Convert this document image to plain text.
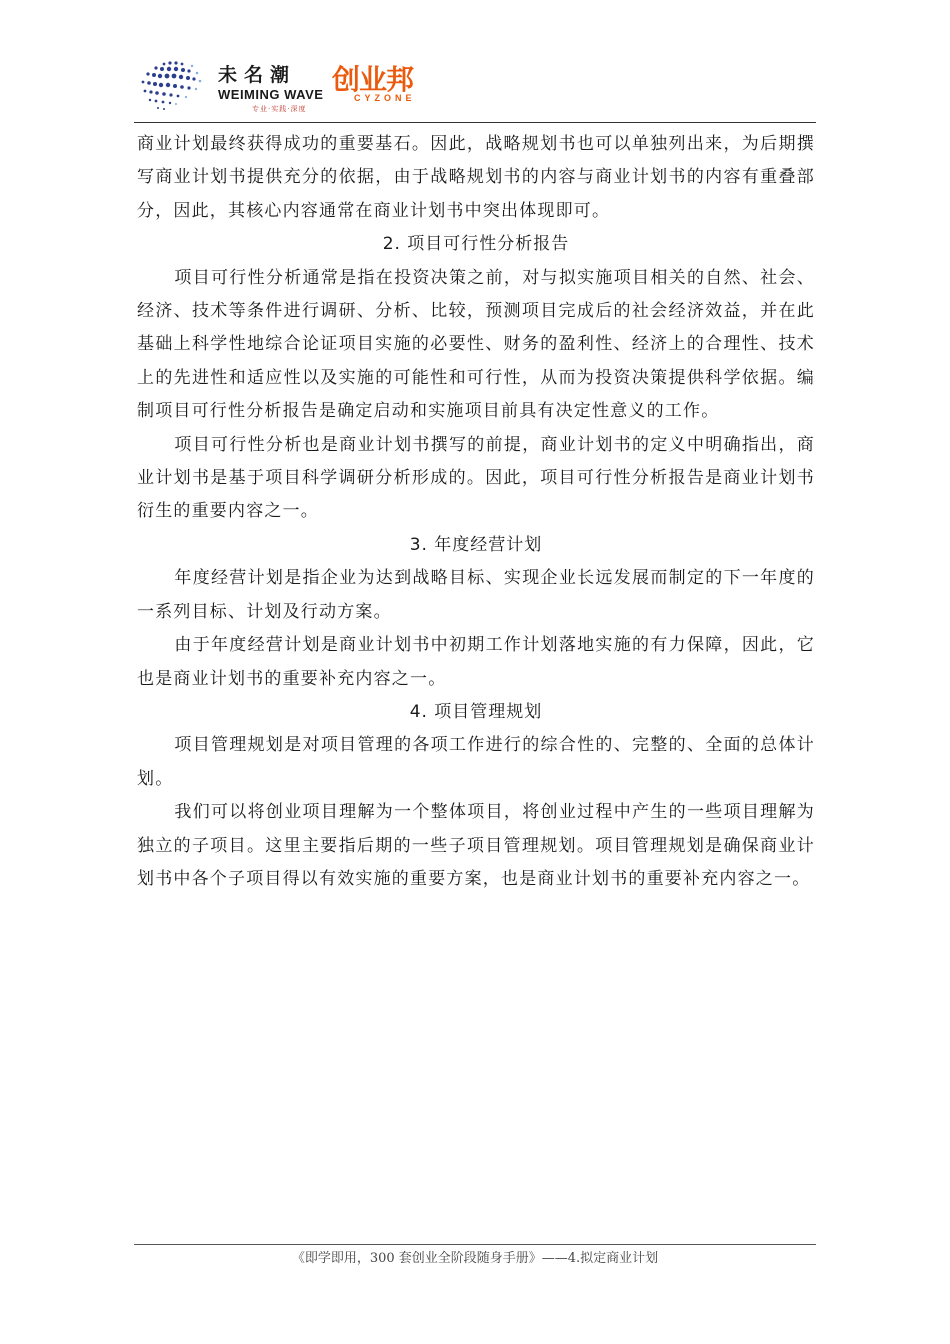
未名潮
WEIMING WAVE
专业·实践·深度
创业邦
CYZONE

商业计划最终获得成功的重要基石。因此，战略规划书也可以单独列出来，为后期撰写商业计划书提供充分的依据，由于战略规划书的内容与商业计划书的内容有重叠部分，因此，其核心内容通常在商业计划书中突出体现即可。

2. 项目可行性分析报告

项目可行性分析通常是指在投资决策之前，对与拟实施项目相关的自然、社会、经济、技术等条件进行调研、分析、比较，预测项目完成后的社会经济效益，并在此基础上科学性地综合论证项目实施的必要性、财务的盈利性、经济上的合理性、技术上的先进性和适应性以及实施的可能性和可行性，从而为投资决策提供科学依据。编制项目可行性分析报告是确定启动和实施项目前具有决定性意义的工作。

项目可行性分析也是商业计划书撰写的前提，商业计划书的定义中明确指出，商业计划书是基于项目科学调研分析形成的。因此，项目可行性分析报告是商业计划书衍生的重要内容之一。

3. 年度经营计划

年度经营计划是指企业为达到战略目标、实现企业长远发展而制定的下一年度的一系列目标、计划及行动方案。

由于年度经营计划是商业计划书中初期工作计划落地实施的有力保障，因此，它也是商业计划书的重要补充内容之一。

4. 项目管理规划

项目管理规划是对项目管理的各项工作进行的综合性的、完整的、全面的总体计划。

我们可以将创业项目理解为一个整体项目，将创业过程中产生的一些项目理解为独立的子项目。这里主要指后期的一些子项目管理规划。项目管理规划是确保商业计划书中各个子项目得以有效实施的重要方案，也是商业计划书的重要补充内容之一。

《即学即用，300 套创业全阶段随身手册》——4.拟定商业计划
